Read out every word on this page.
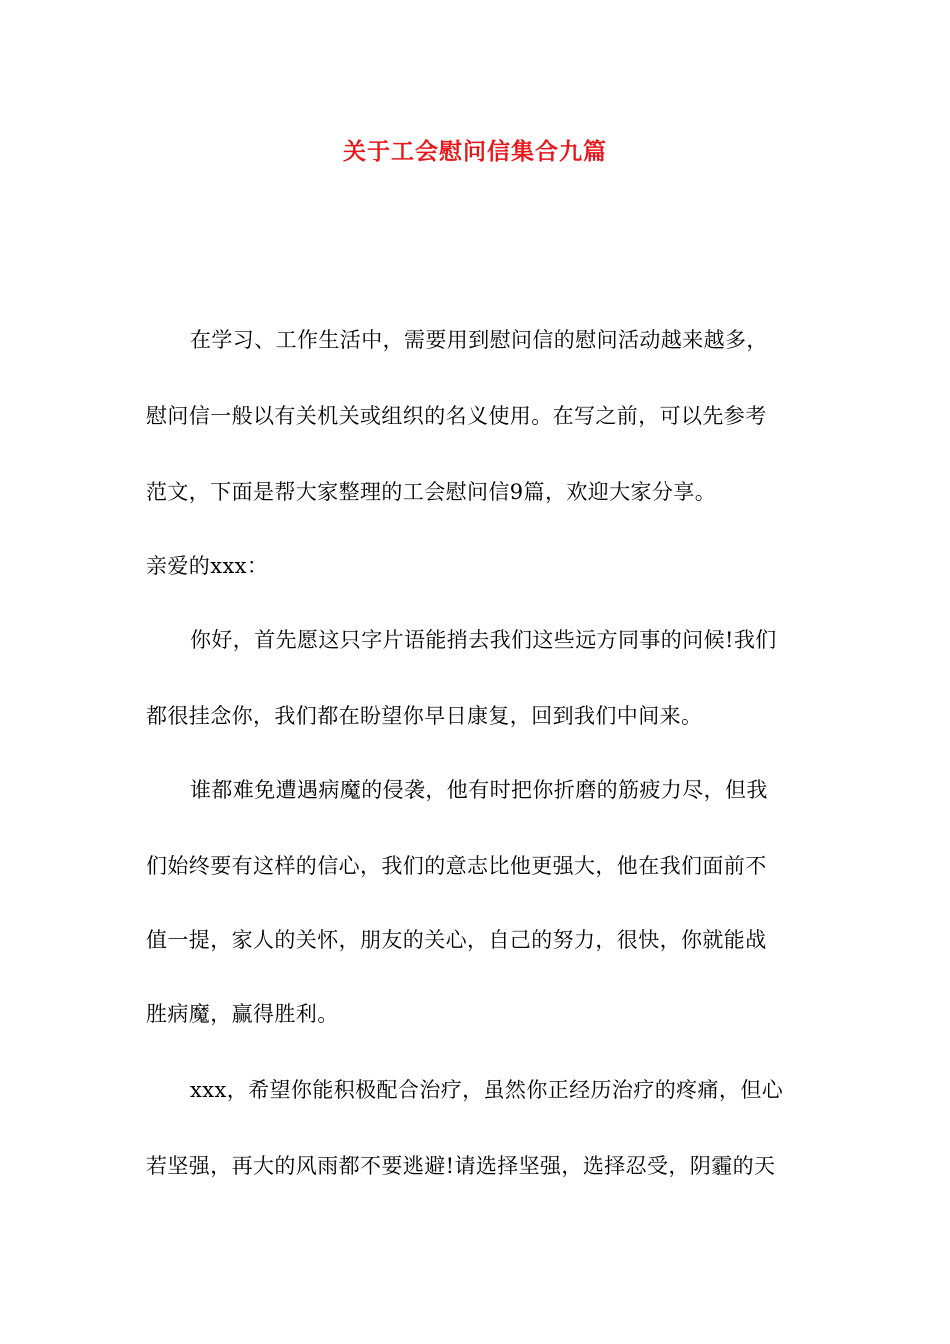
关于工会慰问信集合九篇

在学习、工作生活中，需要用到慰问信的慰问活动越来越多，

慰问信一般以有关机关或组织的名义使用。在写之前，可以先参考

范文，下面是帮大家整理的工会慰问信9篇，欢迎大家分享。

亲爱的xxx：

你好，首先愿这只字片语能捎去我们这些远方同事的问候!我们

都很挂念你，我们都在盼望你早日康复，回到我们中间来。

谁都难免遭遇病魔的侵袭，他有时把你折磨的筋疲力尽，但我

们始终要有这样的信心，我们的意志比他更强大，他在我们面前不

值一提，家人的关怀，朋友的关心，自己的努力，很快，你就能战

胜病魔，赢得胜利。

xxx，希望你能积极配合治疗，虽然你正经历治疗的疼痛，但心

若坚强，再大的风雨都不要逃避!请选择坚强，选择忍受，阴霾的天
